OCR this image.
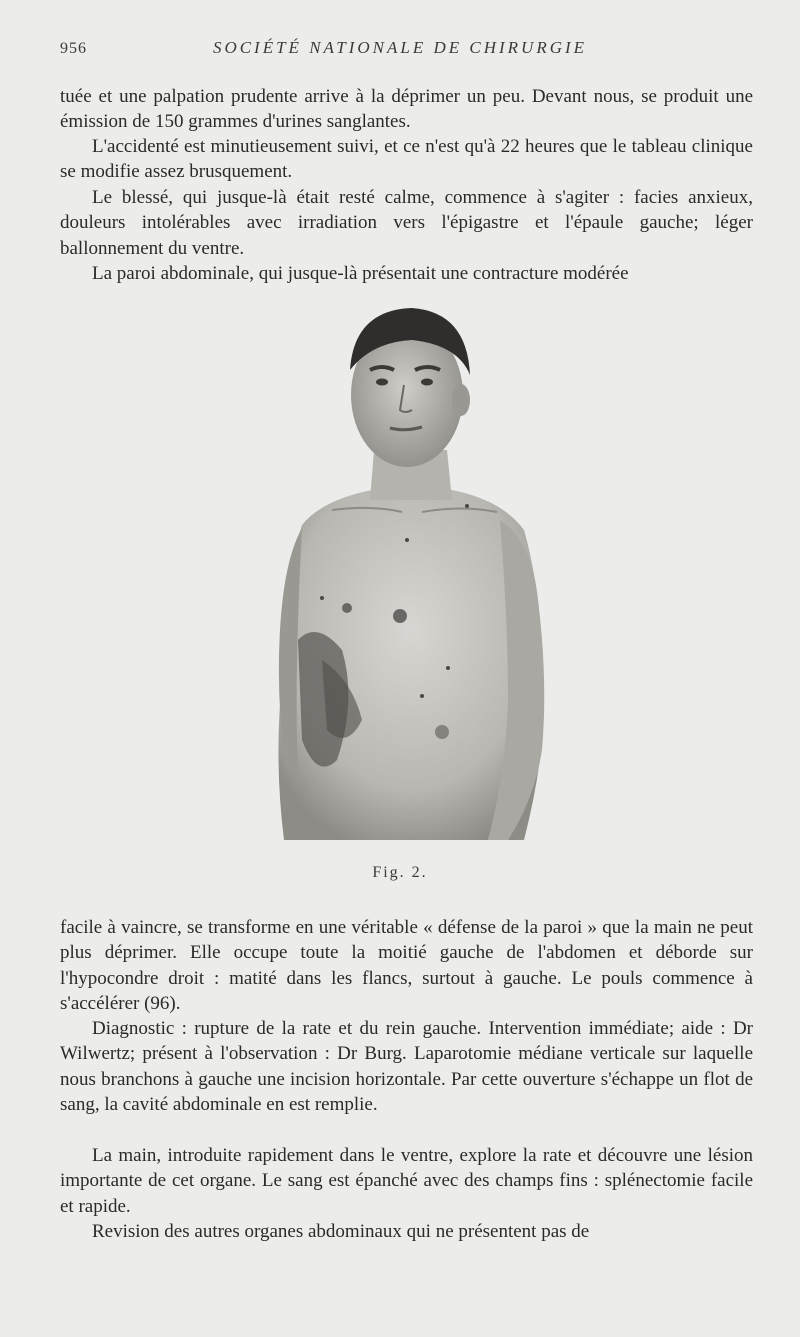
956	SOCIÉTÉ NATIONALE DE CHIRURGIE

tuée et une palpation prudente arrive à la déprimer un peu. Devant nous, se produit une émission de 150 grammes d'urines sanglantes.

L'accidenté est minutieusement suivi, et ce n'est qu'à 22 heures que le tableau clinique se modifie assez brusquement.

Le blessé, qui jusque-là était resté calme, commence à s'agiter : facies anxieux, douleurs intolérables avec irradiation vers l'épigastre et l'épaule gauche; léger ballonnement du ventre.

La paroi abdominale, qui jusque-là présentait une contracture modérée

Fig. 2.

facile à vaincre, se transforme en une véritable « défense de la paroi » que la main ne peut plus déprimer. Elle occupe toute la moitié gauche de l'abdomen et déborde sur l'hypocondre droit : matité dans les flancs, surtout à gauche. Le pouls commence à s'accélérer (96).

Diagnostic : rupture de la rate et du rein gauche. Intervention immédiate; aide : Dr Wilwertz; présent à l'observation : Dr Burg. Laparotomie médiane verticale sur laquelle nous branchons à gauche une incision horizontale. Par cette ouverture s'échappe un flot de sang, la cavité abdominale en est remplie.

La main, introduite rapidement dans le ventre, explore la rate et découvre une lésion importante de cet organe. Le sang est épanché avec des champs fins : splénectomie facile et rapide.

Revision des autres organes abdominaux qui ne présentent pas de
